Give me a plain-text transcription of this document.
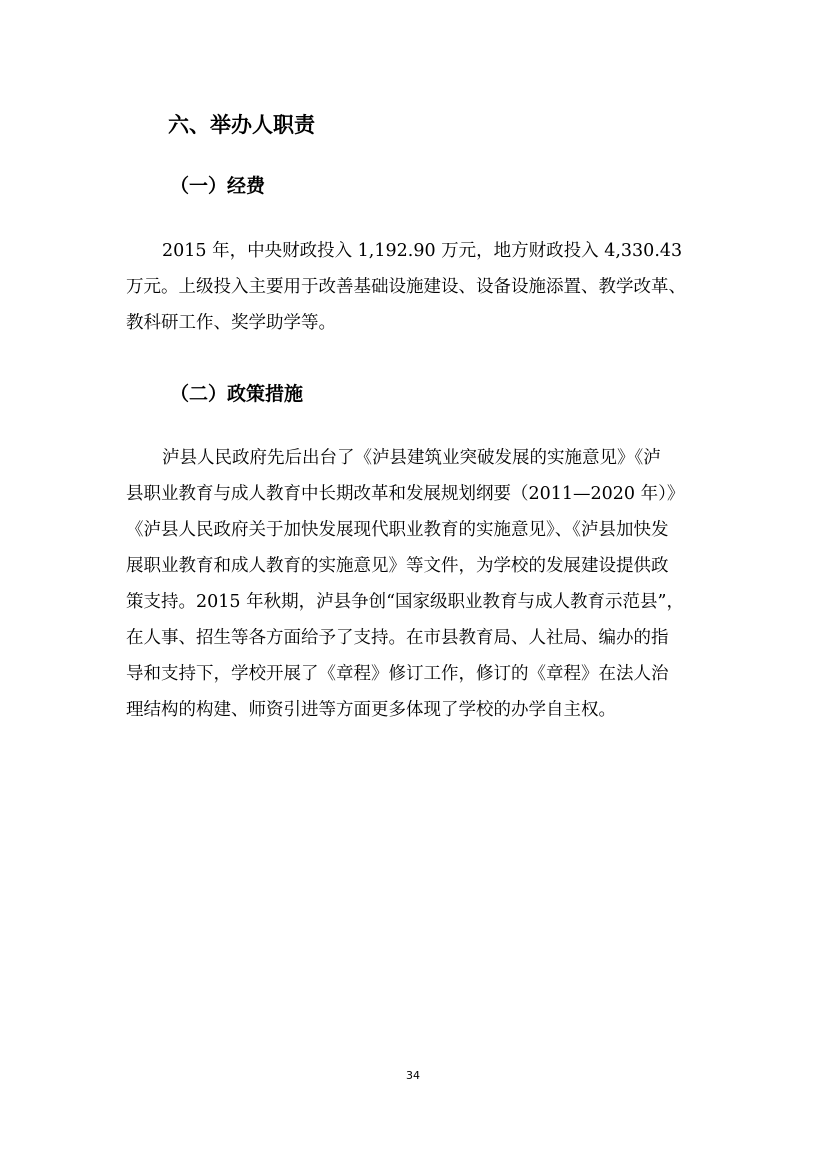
六、举办人职责
（一）经费
2015 年，中央财政投入 1,192.90 万元，地方财政投入 4,330.43
万元。上级投入主要用于改善基础设施建设、设备设施添置、教学改革、
教科研工作、奖学助学等。
（二）政策措施
泸县人民政府先后出台了《泸县建筑业突破发展的实施意见》《泸
县职业教育与成人教育中长期改革和发展规划纲要（2011—2020 年）》
《泸县人民政府关于加快发展现代职业教育的实施意见》、《泸县加快发
展职业教育和成人教育的实施意见》等文件，为学校的发展建设提供政
策支持。2015 年秋期，泸县争创“国家级职业教育与成人教育示范县”，
在人事、招生等各方面给予了支持。在市县教育局、人社局、编办的指
导和支持下，学校开展了《章程》修订工作，修订的《章程》在法人治
理结构的构建、师资引进等方面更多体现了学校的办学自主权。
34
